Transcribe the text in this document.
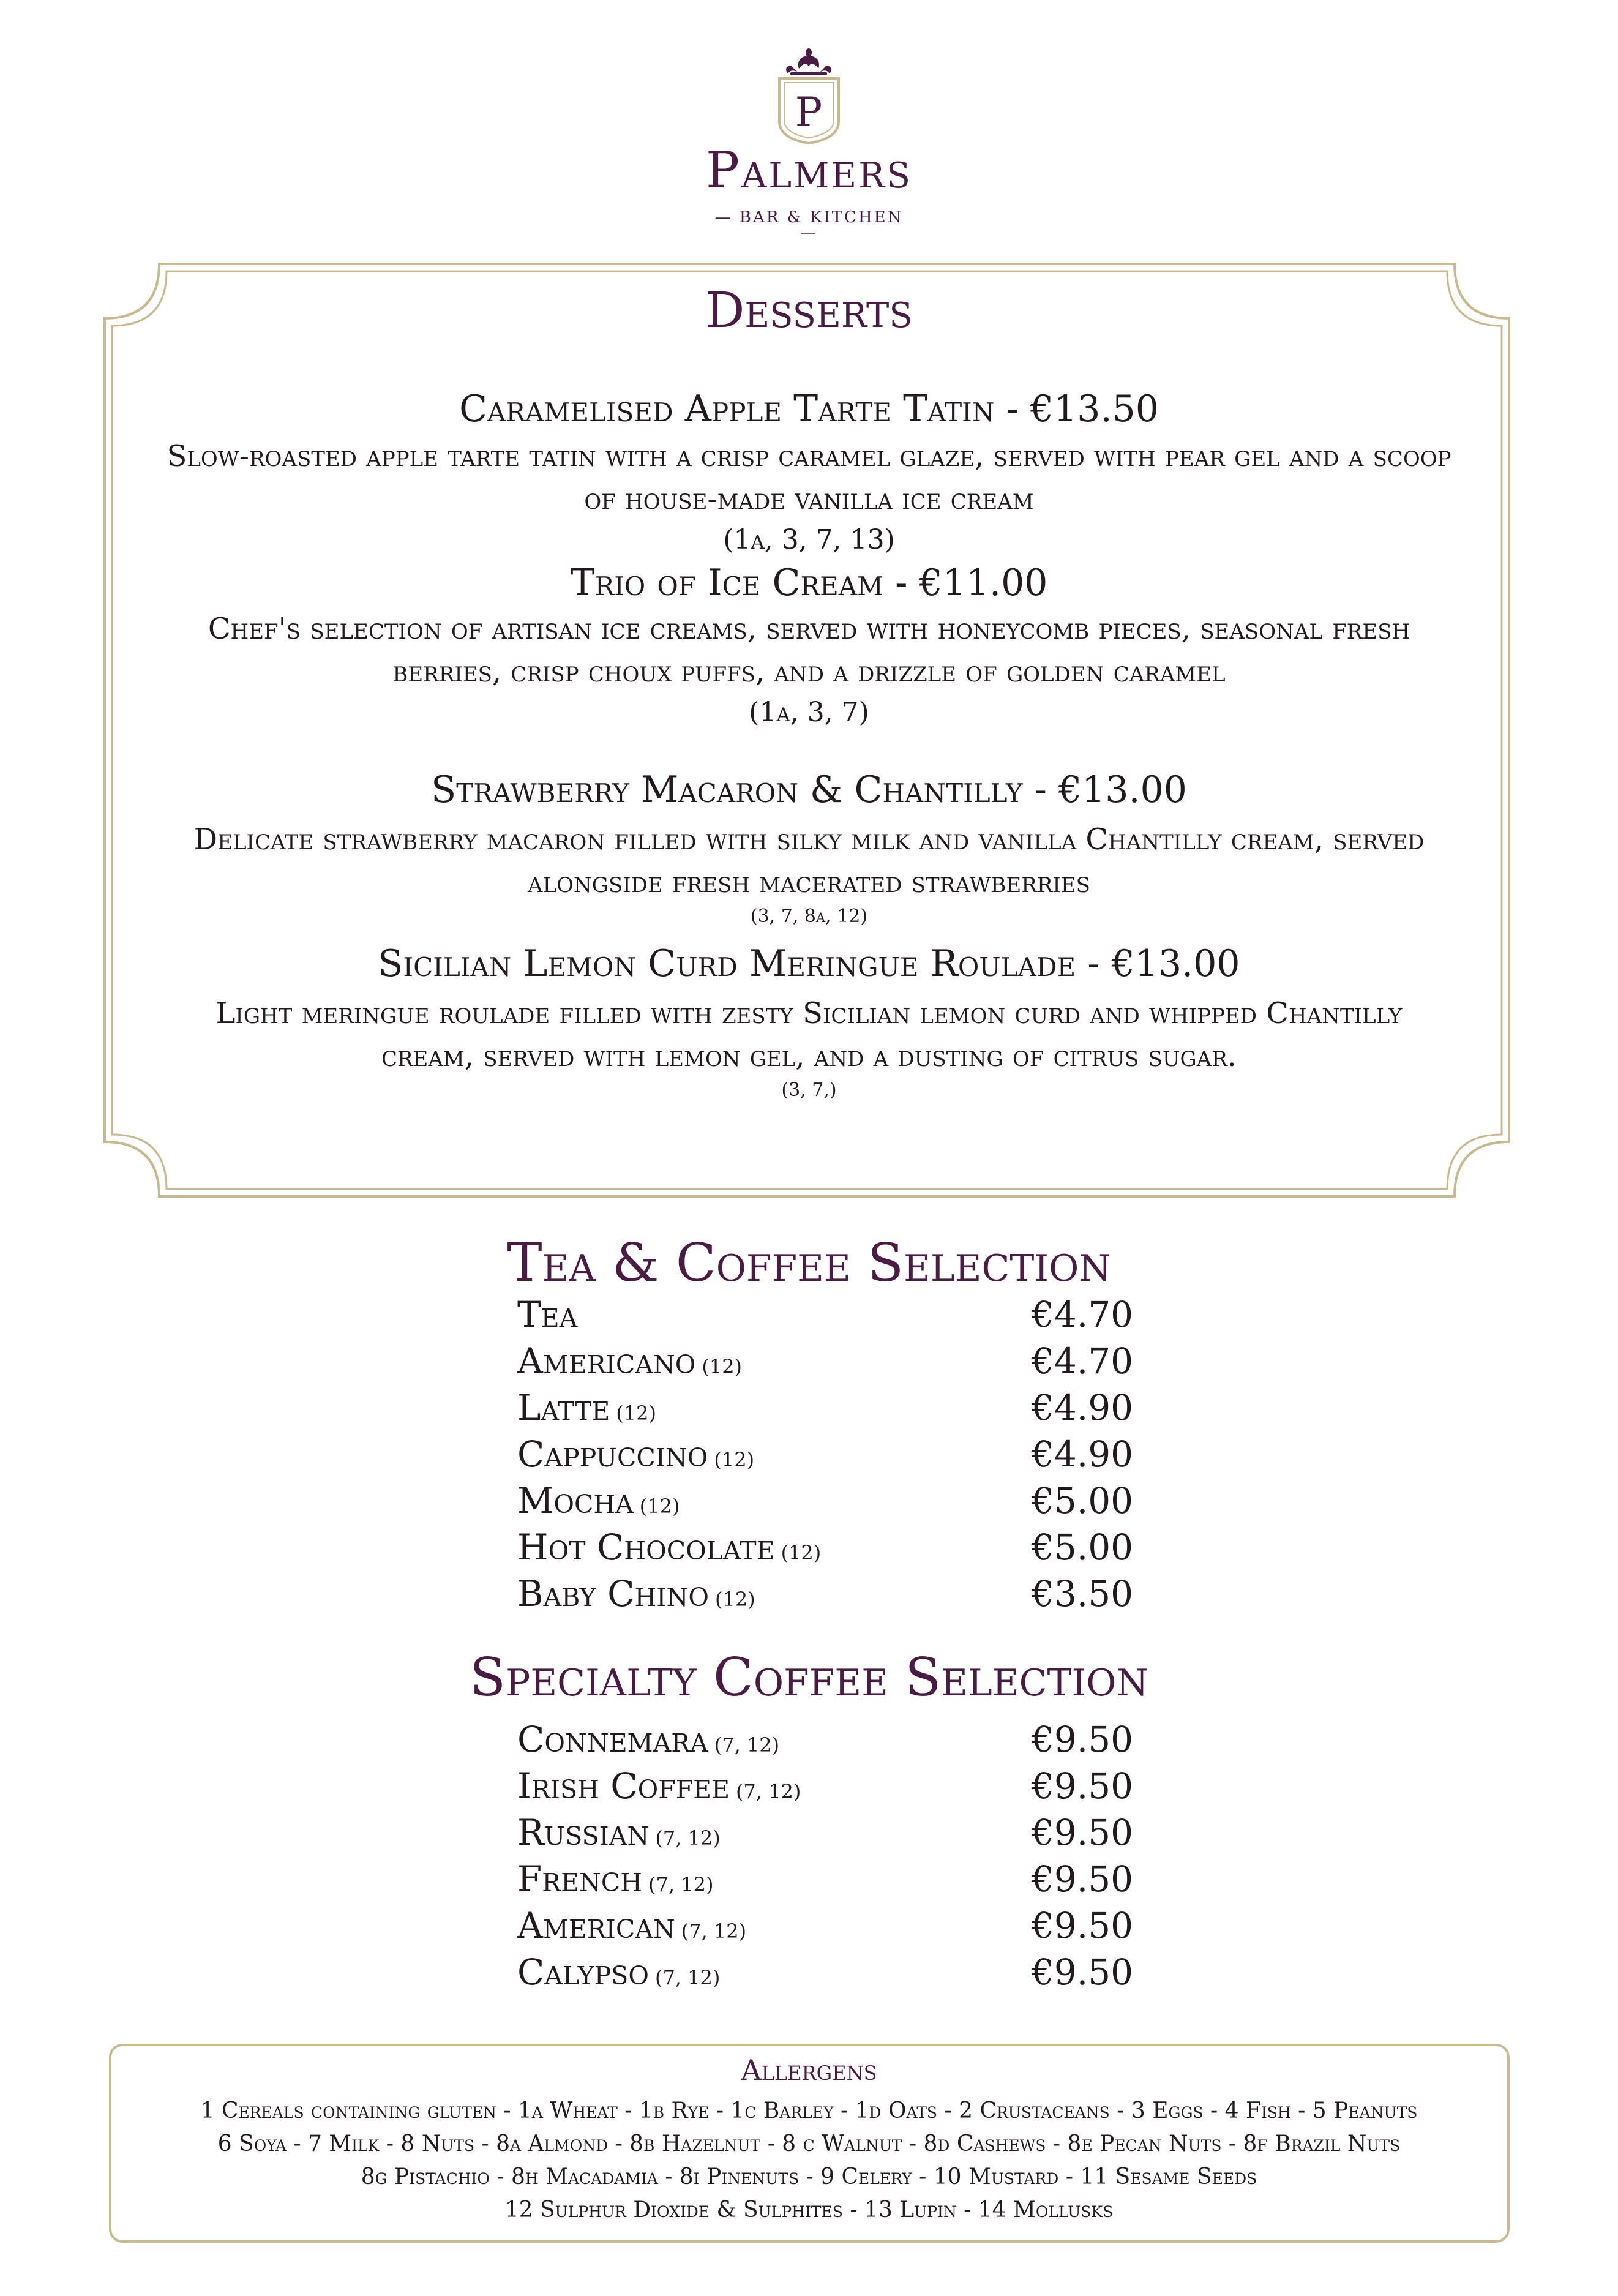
P
Palmers
— BAR & KITCHEN —
Desserts
Caramelised Apple Tarte Tatin - €13.50
Slow-roasted apple tarte tatin with a crisp caramel glaze, served with pear gel and a scoop of house-made vanilla ice cream
(1a, 3, 7, 13)
Trio of Ice Cream - €11.00
Chef's selection of artisan ice creams, served with honeycomb pieces, seasonal fresh berries, crisp choux puffs, and a drizzle of golden caramel
(1a, 3, 7)
Strawberry Macaron & Chantilly - €13.00
Delicate strawberry macaron filled with silky milk and vanilla Chantilly cream, served alongside fresh macerated strawberries
(3, 7, 8a, 12)
Sicilian Lemon Curd Meringue Roulade - €13.00
Light meringue roulade filled with zesty Sicilian lemon curd and whipped Chantilly cream, served with lemon gel, and a dusting of citrus sugar.
(3, 7,)
Tea & Coffee Selection
Tea	€4.70
Americano (12)	€4.70
Latte (12)	€4.90
Cappuccino (12)	€4.90
Mocha (12)	€5.00
Hot Chocolate (12)	€5.00
Baby Chino (12)	€3.50
Specialty Coffee Selection
Connemara (7, 12)	€9.50
Irish Coffee (7, 12)	€9.50
Russian (7, 12)	€9.50
French (7, 12)	€9.50
American (7, 12)	€9.50
Calypso (7, 12)	€9.50
Allergens
1 Cereals containing gluten - 1a Wheat - 1b Rye - 1c Barley - 1d Oats - 2 Crustaceans - 3 Eggs - 4 Fish - 5 Peanuts
6 Soya - 7 Milk - 8 Nuts - 8a Almond - 8b Hazelnut - 8 c Walnut - 8d Cashews - 8e Pecan Nuts - 8f Brazil Nuts
8g Pistachio - 8h Macadamia - 8i Pinenuts - 9 Celery - 10 Mustard - 11 Sesame Seeds
12 Sulphur Dioxide & Sulphites - 13 Lupin - 14 Mollusks
